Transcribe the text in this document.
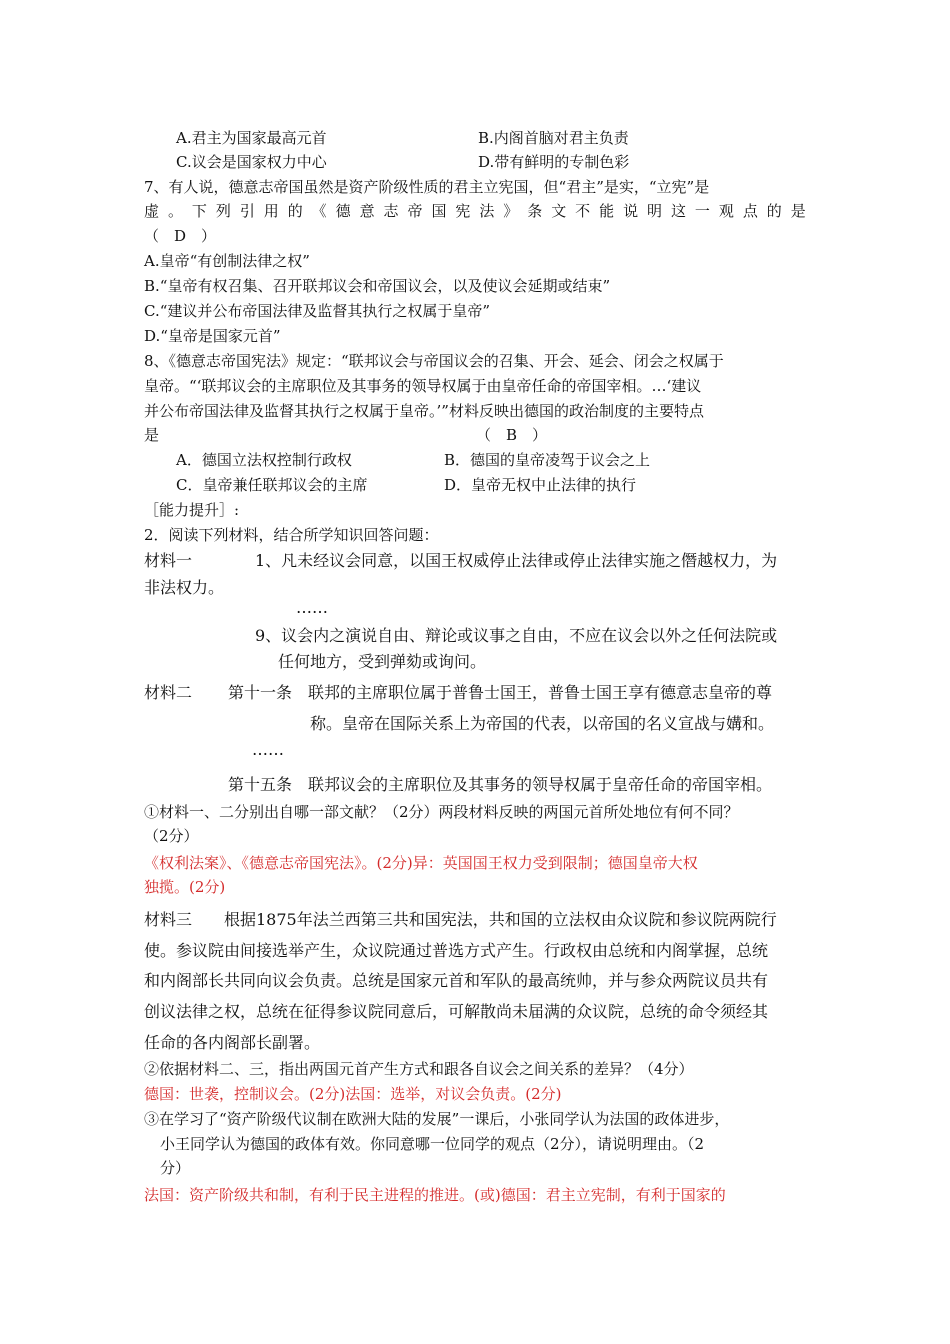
A.君主为国家最高元首	B.内阁首脑对君主负责
C.议会是国家权力中心	D.带有鲜明的专制色彩
7、有人说，德意志帝国虽然是资产阶级性质的君主立宪国，但“君主”是实，“立宪”是
虚 。 下 列 引 用 的 《 德 意 志 帝 国 宪 法 》 条 文 不 能 说 明 这 一 观 点 的 是
（　D　）
A.皇帝“有创制法律之权”
B.“皇帝有权召集、召开联邦议会和帝国议会，以及使议会延期或结束”
C.“建议并公布帝国法律及监督其执行之权属于皇帝”
D.“皇帝是国家元首”
8、《德意志帝国宪法》规定：“联邦议会与帝国议会的召集、开会、延会、闭会之权属于
皇帝。“‘联邦议会的主席职位及其事务的领导权属于由皇帝任命的帝国宰相。…‘建议
并公布帝国法律及监督其执行之权属于皇帝。’”材料反映出德国的政治制度的主要特点
是	（　B　）
A．德国立法权控制行政权	B．德国的皇帝凌驾于议会之上
C．皇帝兼任联邦议会的主席	D．皇帝无权中止法律的执行
［能力提升］:
2．阅读下列材料，结合所学知识回答问题：
材料一	1、凡未经议会同意，以国王权威停止法律或停止法律实施之僭越权力，为
非法权力。
……
9、议会内之演说自由、辩论或议事之自由，不应在议会以外之任何法院或
任何地方，受到弹劾或询问。
材料二 第十一条　联邦的主席职位属于普鲁士国王，普鲁士国王享有德意志皇帝的尊
称。皇帝在国际关系上为帝国的代表，以帝国的名义宣战与媾和。
……
第十五条　联邦议会的主席职位及其事务的领导权属于皇帝任命的帝国宰相。
①材料一、二分别出自哪一部文献？（2分）两段材料反映的两国元首所处地位有何不同？
（2分）
《权利法案》、《德意志帝国宪法》。(2分)异：英国国王权力受到限制；德国皇帝大权
独揽。(2分)
材料三　　根据1875年法兰西第三共和国宪法，共和国的立法权由众议院和参议院两院行
使。参议院由间接选举产生，众议院通过普选方式产生。行政权由总统和内阁掌握，总统
和内阁部长共同向议会负责。总统是国家元首和军队的最高统帅，并与参众两院议员共有
创议法律之权，总统在征得参议院同意后，可解散尚未届满的众议院，总统的命令须经其
任命的各内阁部长副署。
②依据材料二、三，指出两国元首产生方式和跟各自议会之间关系的差异？（4分）
德国：世袭，控制议会。(2分)法国：选举，对议会负责。(2分)
③在学习了“资产阶级代议制在欧洲大陆的发展”一课后，小张同学认为法国的政体进步，
小王同学认为德国的政体有效。你同意哪一位同学的观点（2分），请说明理由。（2
分）
法国：资产阶级共和制，有利于民主进程的推进。(或)德国：君主立宪制，有利于国家的
